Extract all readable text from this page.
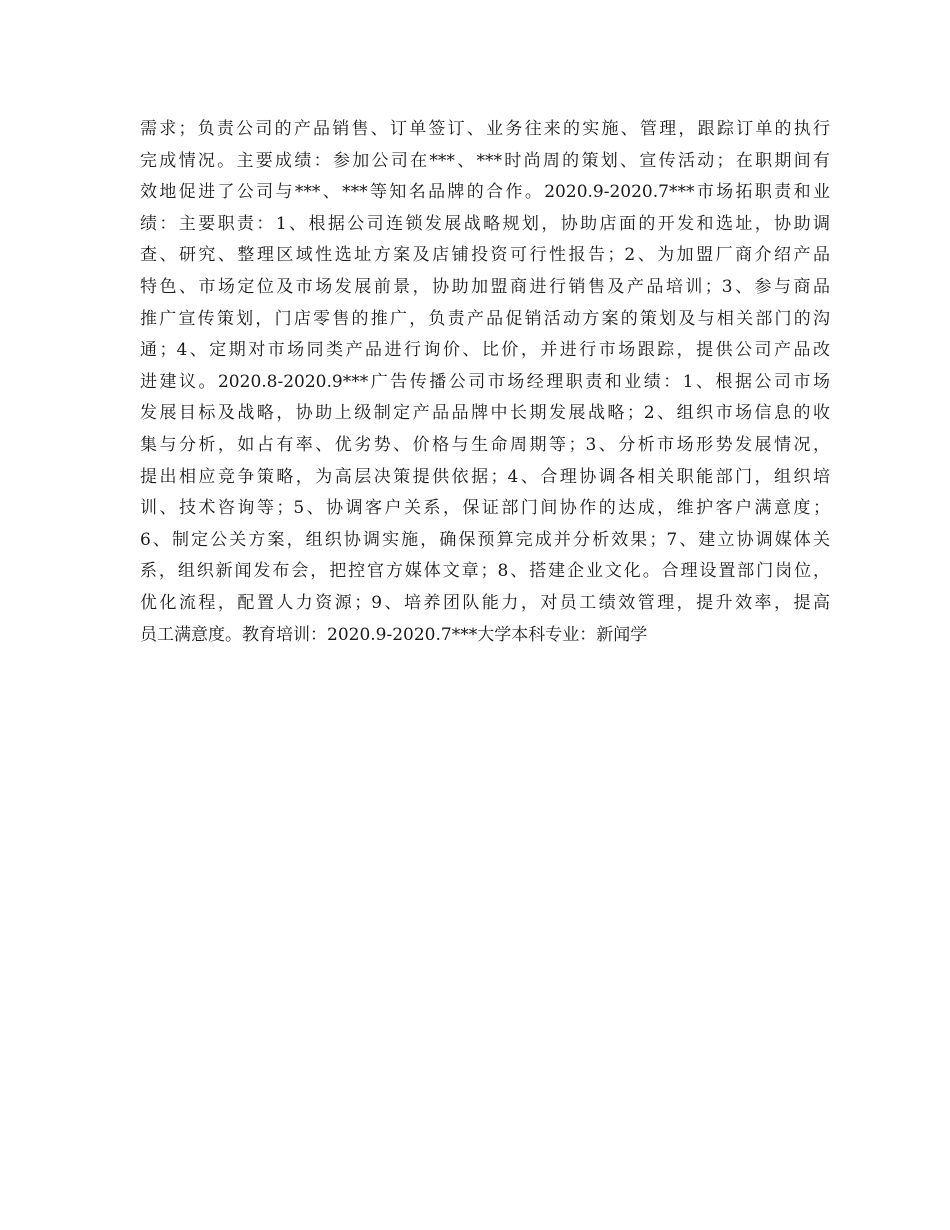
需求；负责公司的产品销售、订单签订、业务往来的实施、管理，跟踪订单的执行
完成情况。主要成绩：参加公司在***、***时尚周的策划、宣传活动；在职期间有
效地促进了公司与***、***等知名品牌的合作。2020.9-2020.7***市场拓职责和业
绩：主要职责：1、根据公司连锁发展战略规划，协助店面的开发和选址，协助调
查、研究、整理区域性选址方案及店铺投资可行性报告；2、为加盟厂商介绍产品
特色、市场定位及市场发展前景，协助加盟商进行销售及产品培训；3、参与商品
推广宣传策划，门店零售的推广，负责产品促销活动方案的策划及与相关部门的沟
通；4、定期对市场同类产品进行询价、比价，并进行市场跟踪，提供公司产品改
进建议。2020.8-2020.9***广告传播公司市场经理职责和业绩：1、根据公司市场
发展目标及战略，协助上级制定产品品牌中长期发展战略；2、组织市场信息的收
集与分析，如占有率、优劣势、价格与生命周期等；3、分析市场形势发展情况，
提出相应竞争策略，为高层决策提供依据；4、合理协调各相关职能部门，组织培
训、技术咨询等；5、协调客户关系，保证部门间协作的达成，维护客户满意度；
6、制定公关方案，组织协调实施，确保预算完成并分析效果；7、建立协调媒体关
系，组织新闻发布会，把控官方媒体文章；8、搭建企业文化。合理设置部门岗位，
优化流程，配置人力资源；9、培养团队能力，对员工绩效管理，提升效率，提高
员工满意度。教育培训：2020.9-2020.7***大学本科专业：新闻学
